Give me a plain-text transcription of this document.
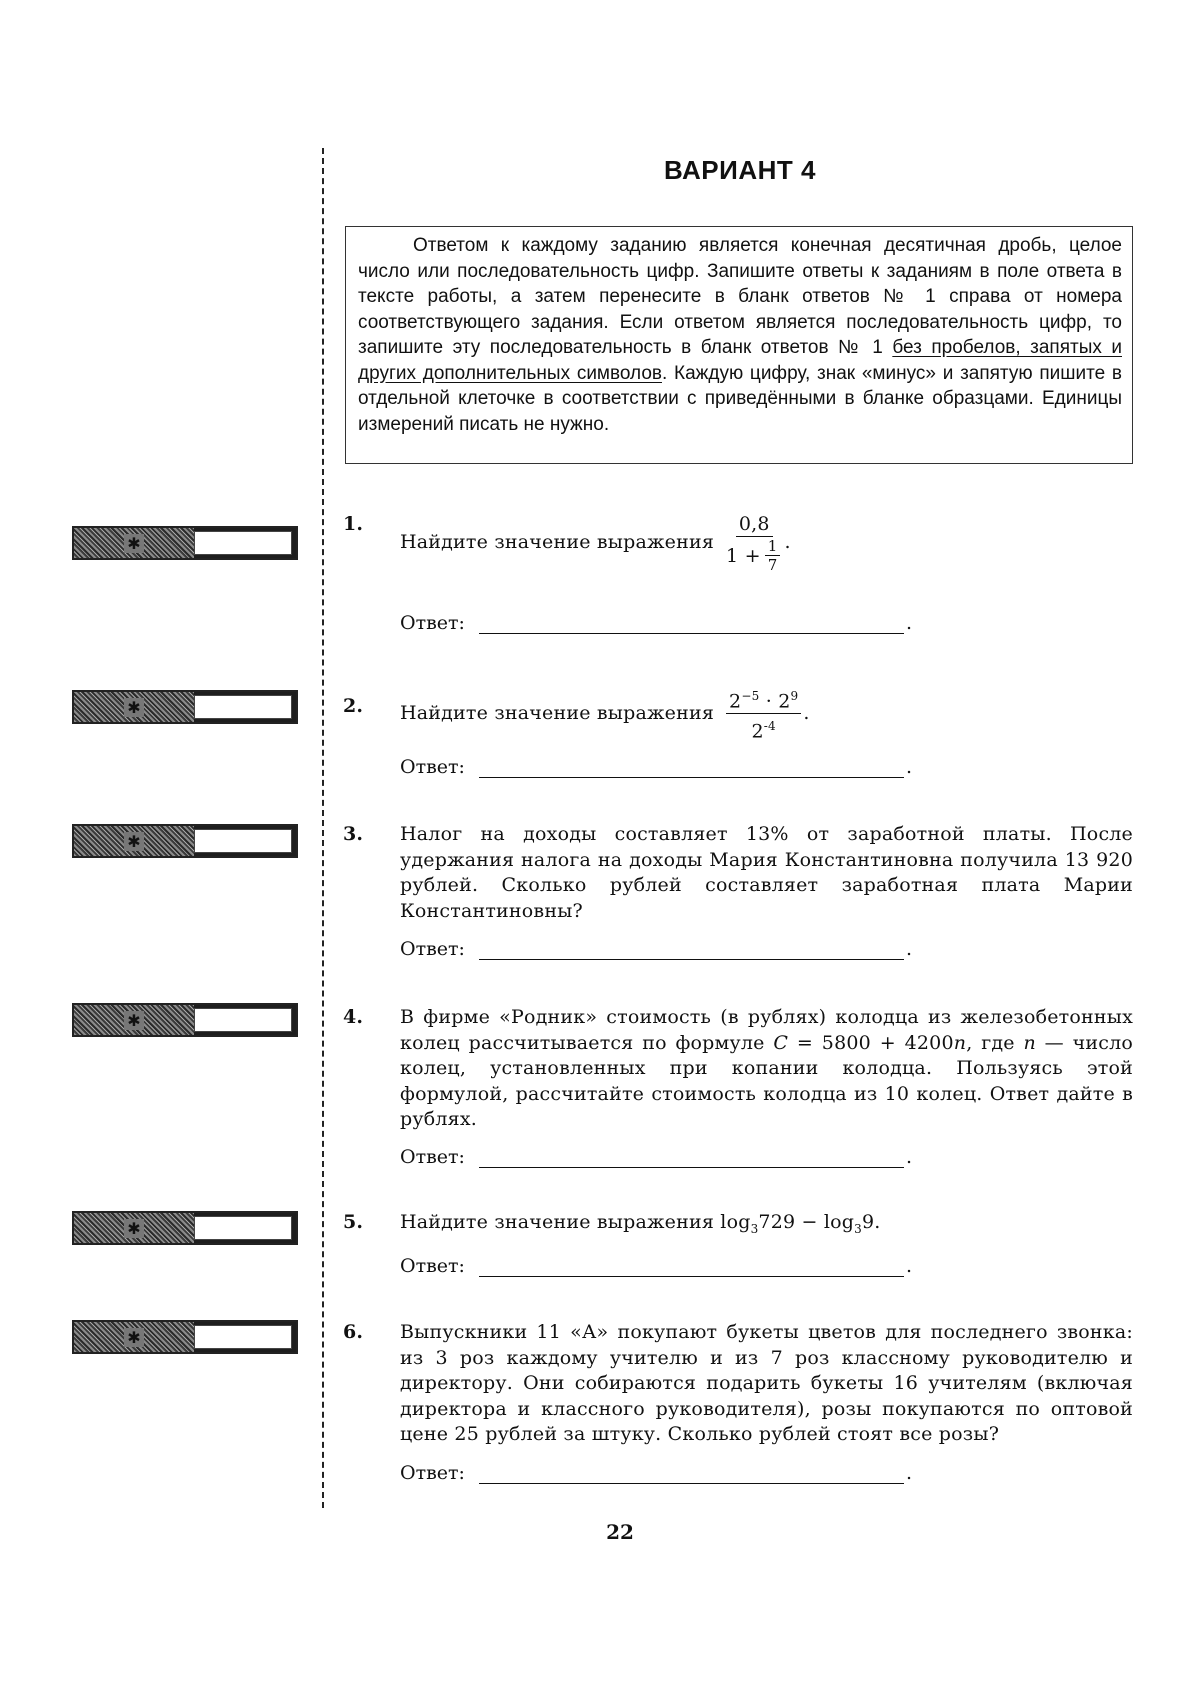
ВАРИАНТ 4

Ответом к каждому заданию является конечная десятичная дробь, целое число или последовательность цифр. Запишите ответы к заданиям в поле ответа в тексте работы, а затем перенесите в бланк ответов № 1 справа от номера соответствующего задания. Если ответом является последовательность цифр, то запишите эту последовательность в бланк ответов № 1 без пробелов, запятых и других дополнительных символов. Каждую цифру, знак «минус» и запятую пишите в отдельной клеточке в соответствии с приведёнными в бланке образцами. Единицы измерений писать не нужно.

✱
✱
✱
✱
✱
✱
1.
Найдите значение выражения $\frac{0,8}{1 + \frac{1}{7}}$ .
Ответ:	.
2. Найдите значение выражения $\frac{2^{-5} \cdot 2^9}{2^{-4}}$ .
Ответ:	.
3. Налог на доходы составляет 13% от заработной платы. После удержания налога на доходы Мария Константиновна получила 13 920 рублей. Сколько рублей составляет заработная плата Марии Константиновны?
Ответ:	.
4. В фирме «Родник» стоимость (в рублях) колодца из железобетонных колец рассчитывается по формуле C = 5800 + 4200n, где n — число колец, установленных при копании колодца. Пользуясь этой формулой, рассчитайте стоимость колодца из 10 колец. Ответ дайте в рублях.
Ответ:	.
5. Найдите значение выражения $\log_3729 - \log_39$.
Ответ:	.
6. Выпускники 11 «А» покупают букеты цветов для последнего звонка: из 3 роз каждому учителю и из 7 роз классному руководителю и директору. Они собираются подарить букеты 16 учителям (включая директора и классного руководителя), розы покупаются по оптовой цене 25 рублей за штуку. Сколько рублей стоят все розы?
Ответ:	.
22
